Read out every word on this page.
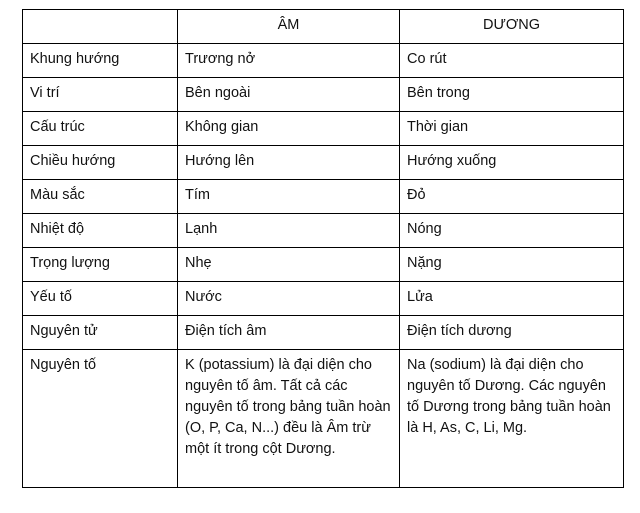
	ÂM	DƯƠNG
Khung hướng	Trương nở	Co rút
Vi trí	Bên ngoài	Bên trong
Cấu trúc	Không gian	Thời gian
Chiều hướng	Hướng lên	Hướng xuống
Màu sắc	Tím	Đỏ
Nhiệt độ	Lạnh	Nóng
Trọng lượng	Nhẹ	Nặng
Yếu tố	Nước	Lửa
Nguyên tử	Điện tích âm	Điện tích dương
Nguyên tố	K (potassium) là đại diện cho nguyên tố âm. Tất cả các nguyên tố trong bảng tuần hoàn (O, P, Ca, N...) đều là Âm trừ một ít trong cột Dương.	Na (sodium) là đại diện cho nguyên tố Dương. Các nguyên tố Dương trong bảng tuần hoàn là H, As, C, Li, Mg.
